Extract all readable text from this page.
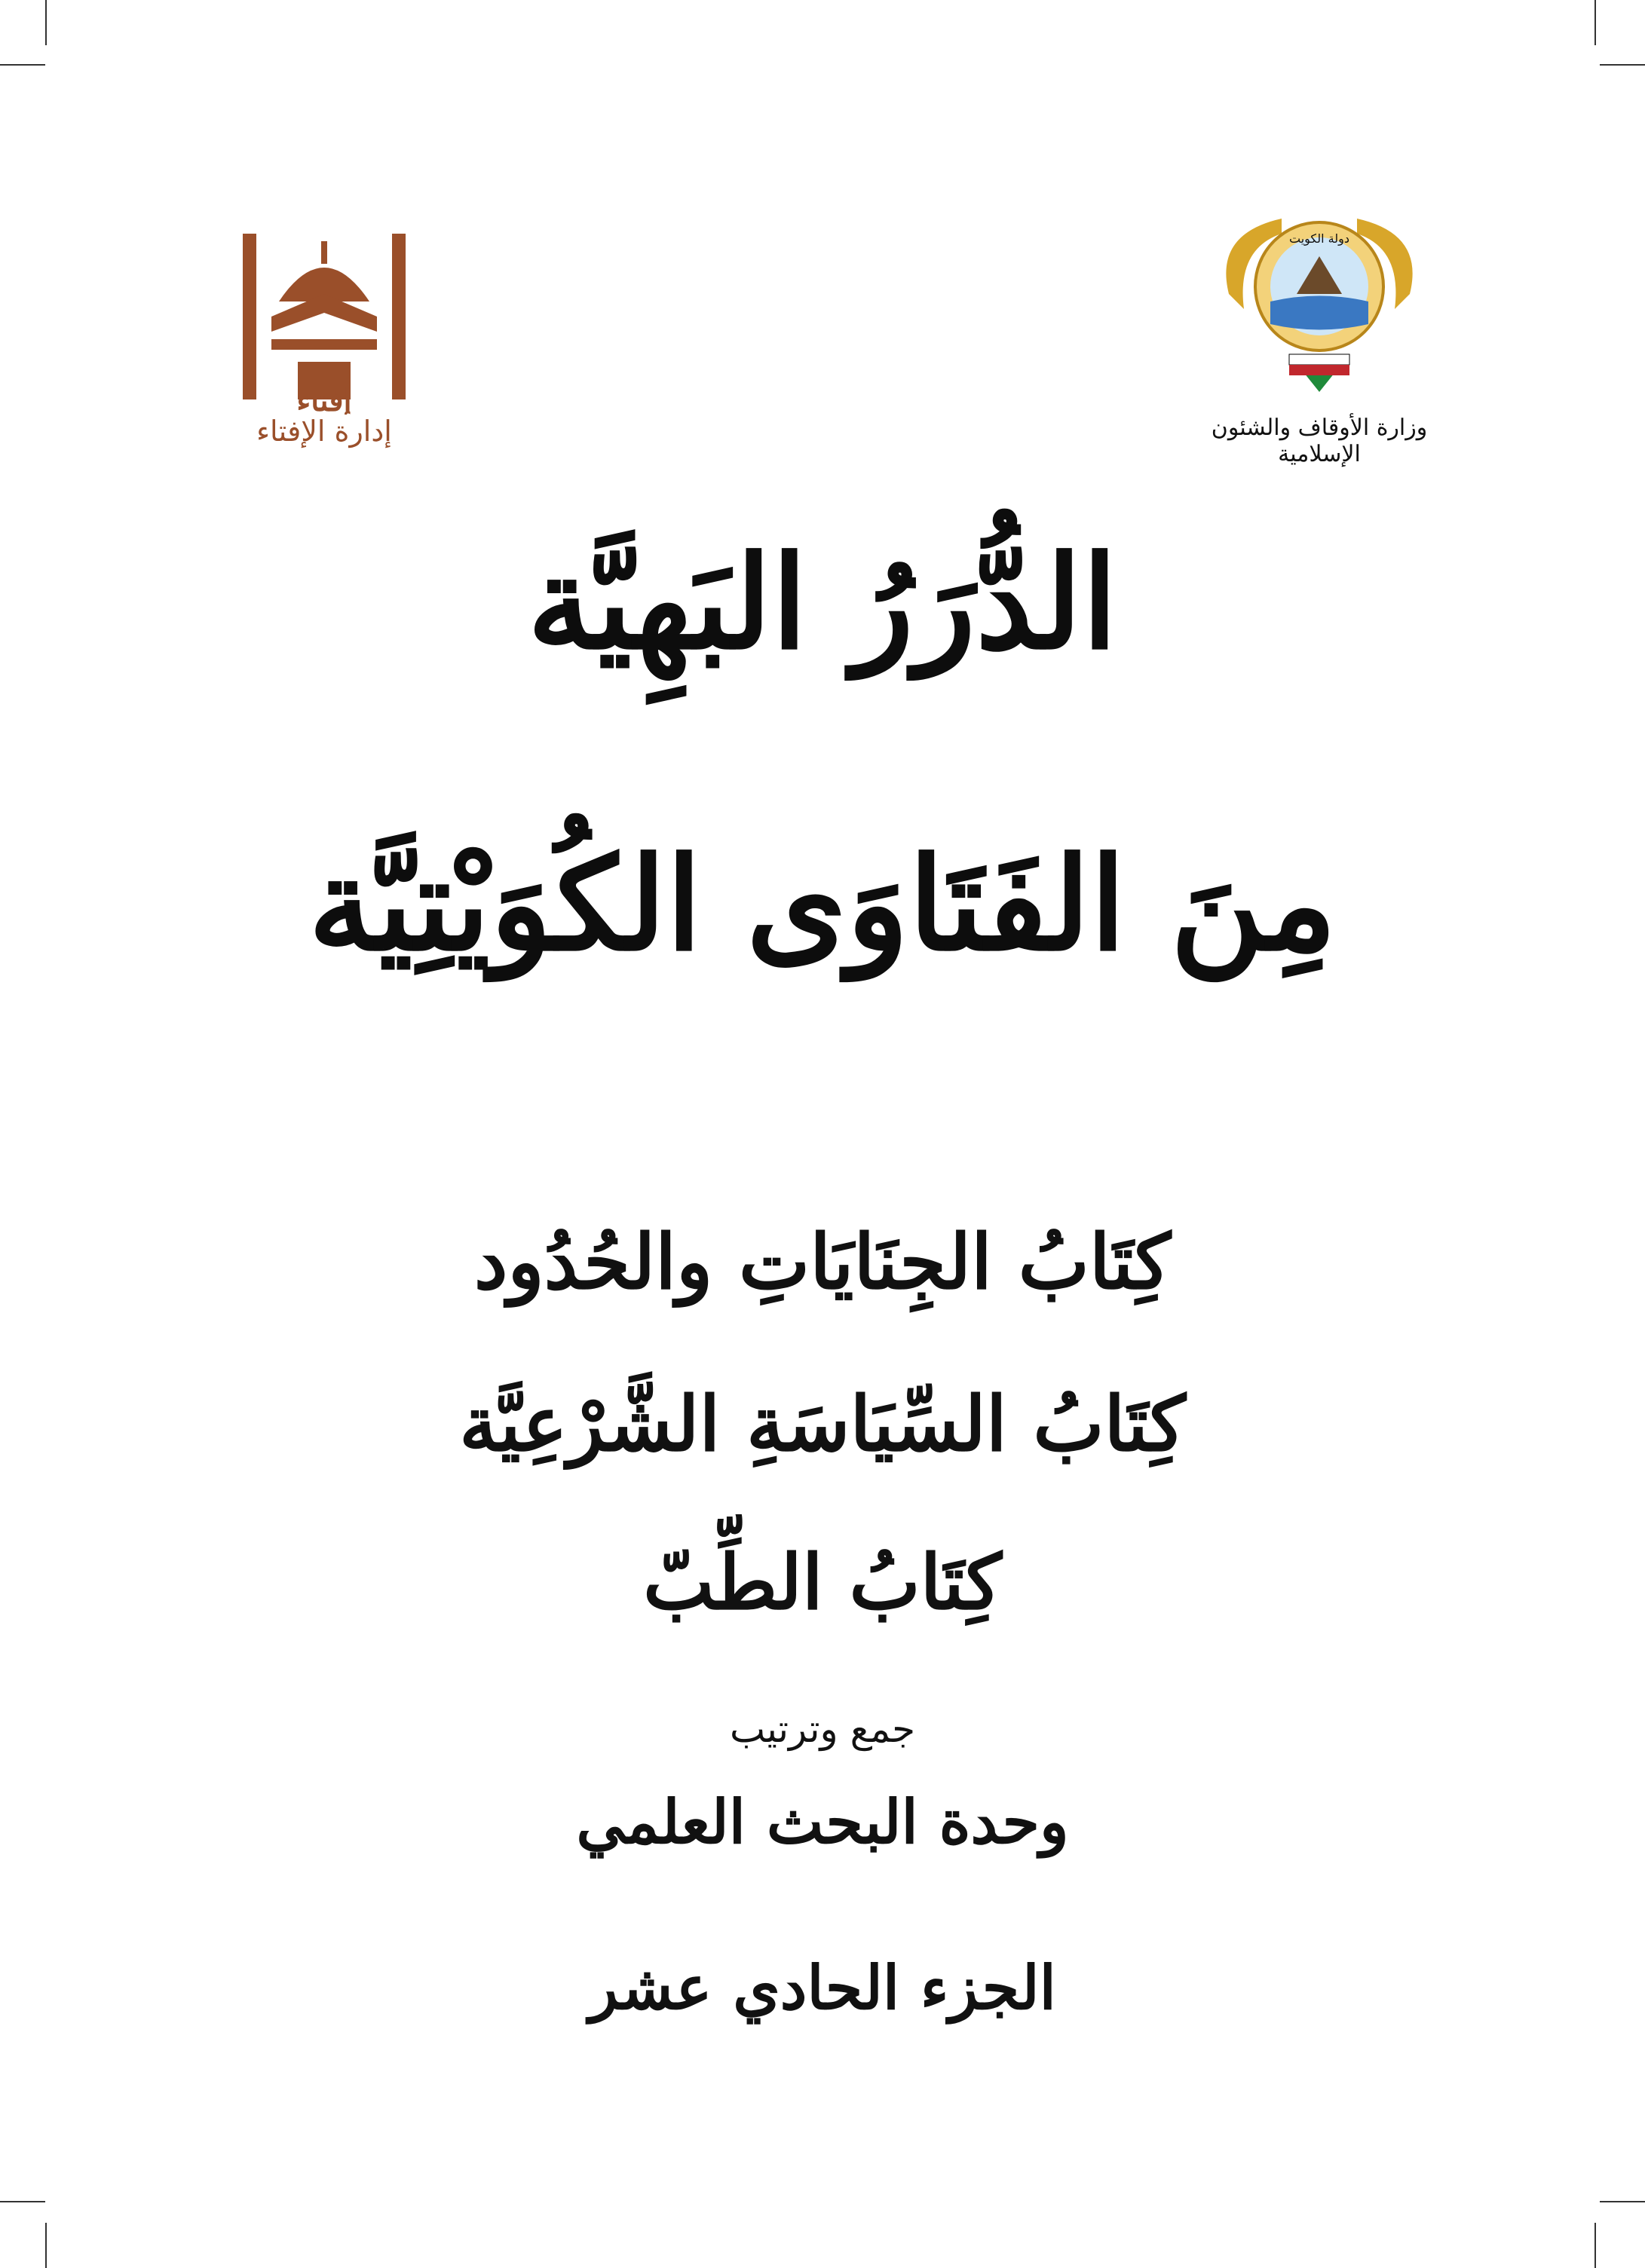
إفتاء
إدارة الإفتاء
دولة الكويت
وزارة الأوقاف والشئون الإسلامية
الدُّرَرُ البَهِيَّة
مِنَ الفَتَاوَى الكُوَيْتِيَّة
كِتَابُ الجِنَايَاتِ والحُدُود
كِتَابُ السِّيَاسَةِ الشَّرْعِيَّة
كِتَابُ الطِّبّ
جمع وترتيب
وحدة البحث العلمي
الجزء الحادي عشر
